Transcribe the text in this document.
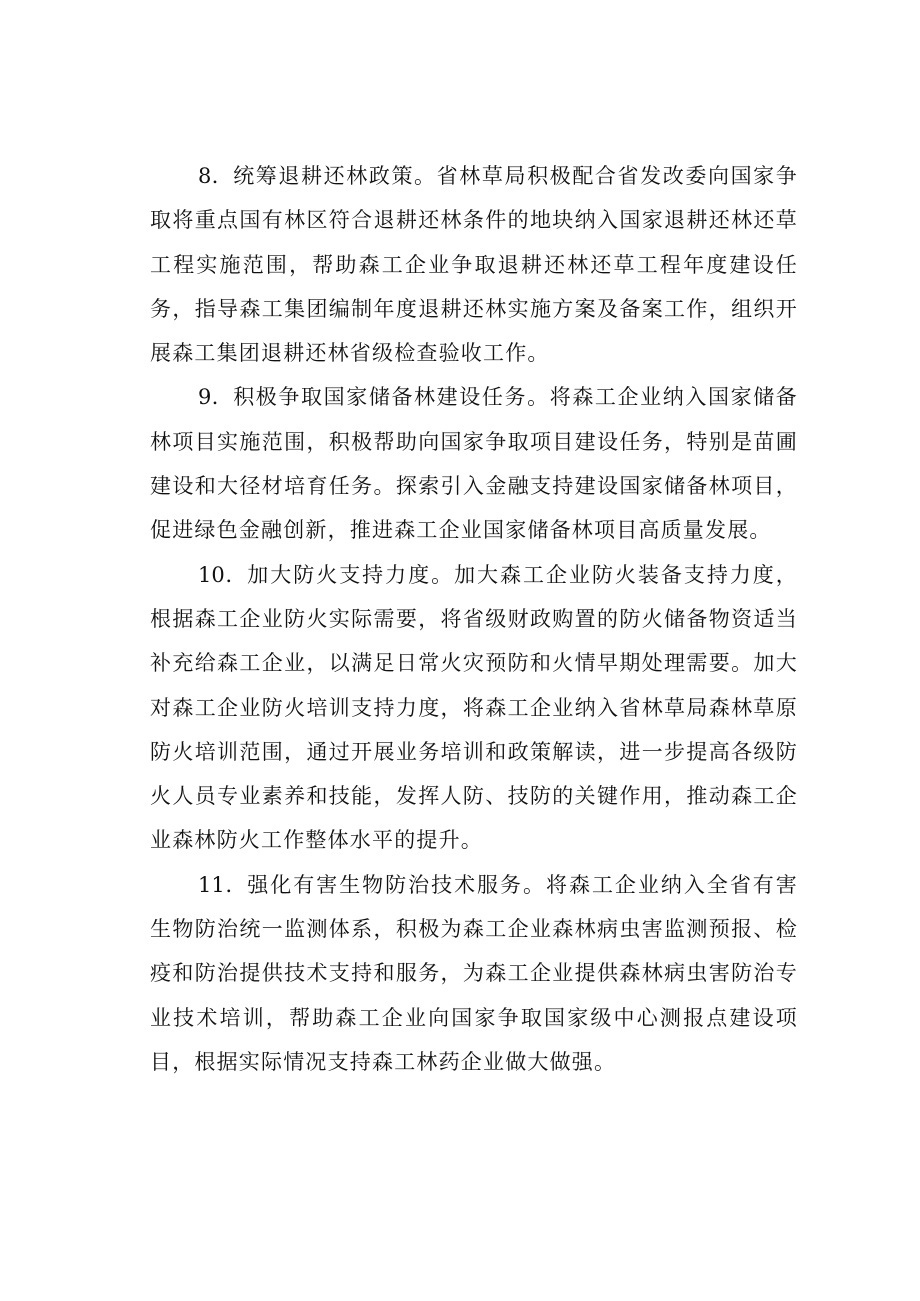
8．统筹退耕还林政策。省林草局积极配合省发改委向国家争取将重点国有林区符合退耕还林条件的地块纳入国家退耕还林还草工程实施范围，帮助森工企业争取退耕还林还草工程年度建设任务，指导森工集团编制年度退耕还林实施方案及备案工作，组织开展森工集团退耕还林省级检查验收工作。

9．积极争取国家储备林建设任务。将森工企业纳入国家储备林项目实施范围，积极帮助向国家争取项目建设任务，特别是苗圃建设和大径材培育任务。探索引入金融支持建设国家储备林项目，促进绿色金融创新，推进森工企业国家储备林项目高质量发展。

10．加大防火支持力度。加大森工企业防火装备支持力度，根据森工企业防火实际需要，将省级财政购置的防火储备物资适当补充给森工企业，以满足日常火灾预防和火情早期处理需要。加大对森工企业防火培训支持力度，将森工企业纳入省林草局森林草原防火培训范围，通过开展业务培训和政策解读，进一步提高各级防火人员专业素养和技能，发挥人防、技防的关键作用，推动森工企业森林防火工作整体水平的提升。

11．强化有害生物防治技术服务。将森工企业纳入全省有害生物防治统一监测体系，积极为森工企业森林病虫害监测预报、检疫和防治提供技术支持和服务，为森工企业提供森林病虫害防治专业技术培训，帮助森工企业向国家争取国家级中心测报点建设项目，根据实际情况支持森工林药企业做大做强。
